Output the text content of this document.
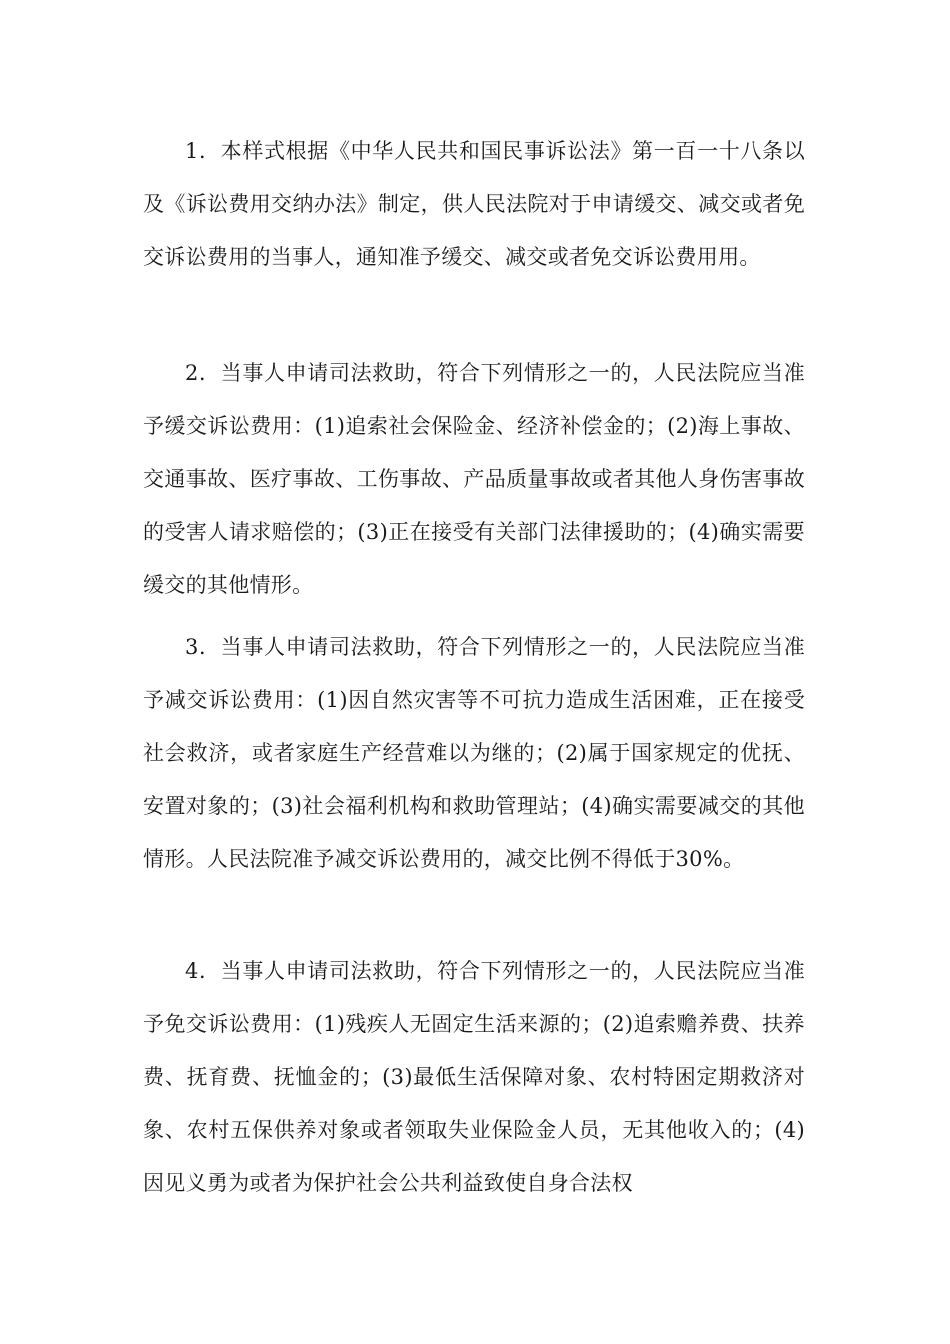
1．本样式根据《中华人民共和国民事诉讼法》第一百一十八条以及《诉讼费用交纳办法》制定，供人民法院对于申请缓交、减交或者免交诉讼费用的当事人，通知准予缓交、减交或者免交诉讼费用用。

2．当事人申请司法救助，符合下列情形之一的，人民法院应当准予缓交诉讼费用：(1)追索社会保险金、经济补偿金的；(2)海上事故、交通事故、医疗事故、工伤事故、产品质量事故或者其他人身伤害事故的受害人请求赔偿的；(3)正在接受有关部门法律援助的；(4)确实需要缓交的其他情形。

3．当事人申请司法救助，符合下列情形之一的，人民法院应当准予减交诉讼费用：(1)因自然灾害等不可抗力造成生活困难，正在接受社会救济，或者家庭生产经营难以为继的；(2)属于国家规定的优抚、安置对象的；(3)社会福利机构和救助管理站；(4)确实需要减交的其他情形。人民法院准予减交诉讼费用的，减交比例不得低于30%。

4．当事人申请司法救助，符合下列情形之一的，人民法院应当准予免交诉讼费用：(1)残疾人无固定生活来源的；(2)追索赡养费、扶养费、抚育费、抚恤金的；(3)最低生活保障对象、农村特困定期救济对象、农村五保供养对象或者领取失业保险金人员，无其他收入的；(4)因见义勇为或者为保护社会公共利益致使自身合法权
